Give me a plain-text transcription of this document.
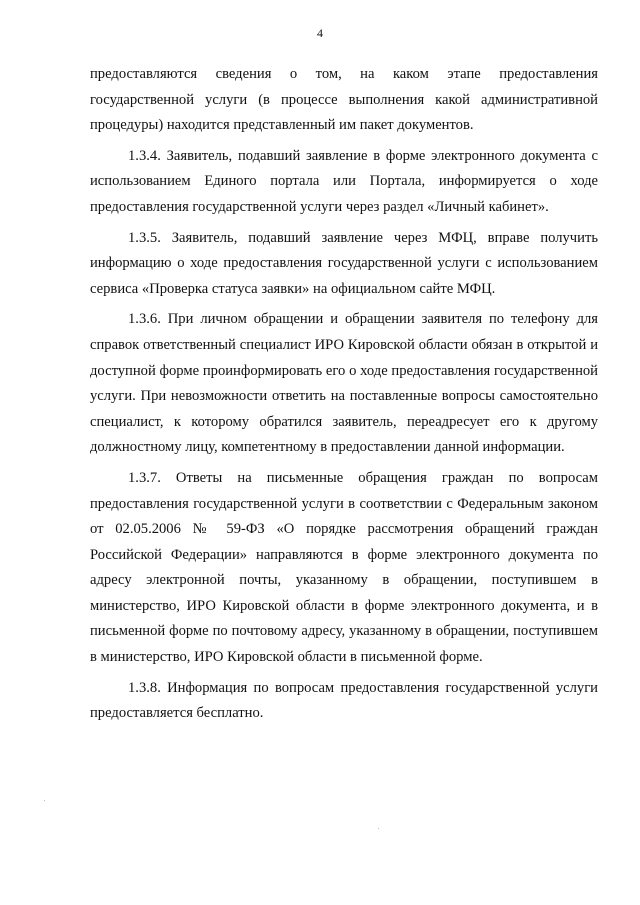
4

предоставляются сведения о том, на каком этапе предоставления государственной услуги (в процессе выполнения какой административной процедуры) находится представленный им пакет документов.

1.3.4. Заявитель, подавший заявление в форме электронного документа с использованием Единого портала или Портала, информируется о ходе предоставления государственной услуги через раздел «Личный кабинет».

1.3.5. Заявитель, подавший заявление через МФЦ, вправе получить информацию о ходе предоставления государственной услуги с использованием сервиса «Проверка статуса заявки» на официальном сайте МФЦ.

1.3.6. При личном обращении и обращении заявителя по телефону для справок ответственный специалист ИРО Кировской области обязан в открытой и доступной форме проинформировать его о ходе предоставления государственной услуги. При невозможности ответить на поставленные вопросы самостоятельно специалист, к которому обратился заявитель, переадресует его к другому должностному лицу, компетентному в предоставлении данной информации.

1.3.7. Ответы на письменные обращения граждан по вопросам предоставления государственной услуги в соответствии с Федеральным законом от 02.05.2006 № 59-ФЗ «О порядке рассмотрения обращений граждан Российской Федерации» направляются в форме электронного документа по адресу электронной почты, указанному в обращении, поступившем в министерство, ИРО Кировской области в форме электронного документа, и в письменной форме по почтовому адресу, указанному в обращении, поступившем в министерство, ИРО Кировской области в письменной форме.

1.3.8. Информация по вопросам предоставления государственной услуги предоставляется бесплатно.
